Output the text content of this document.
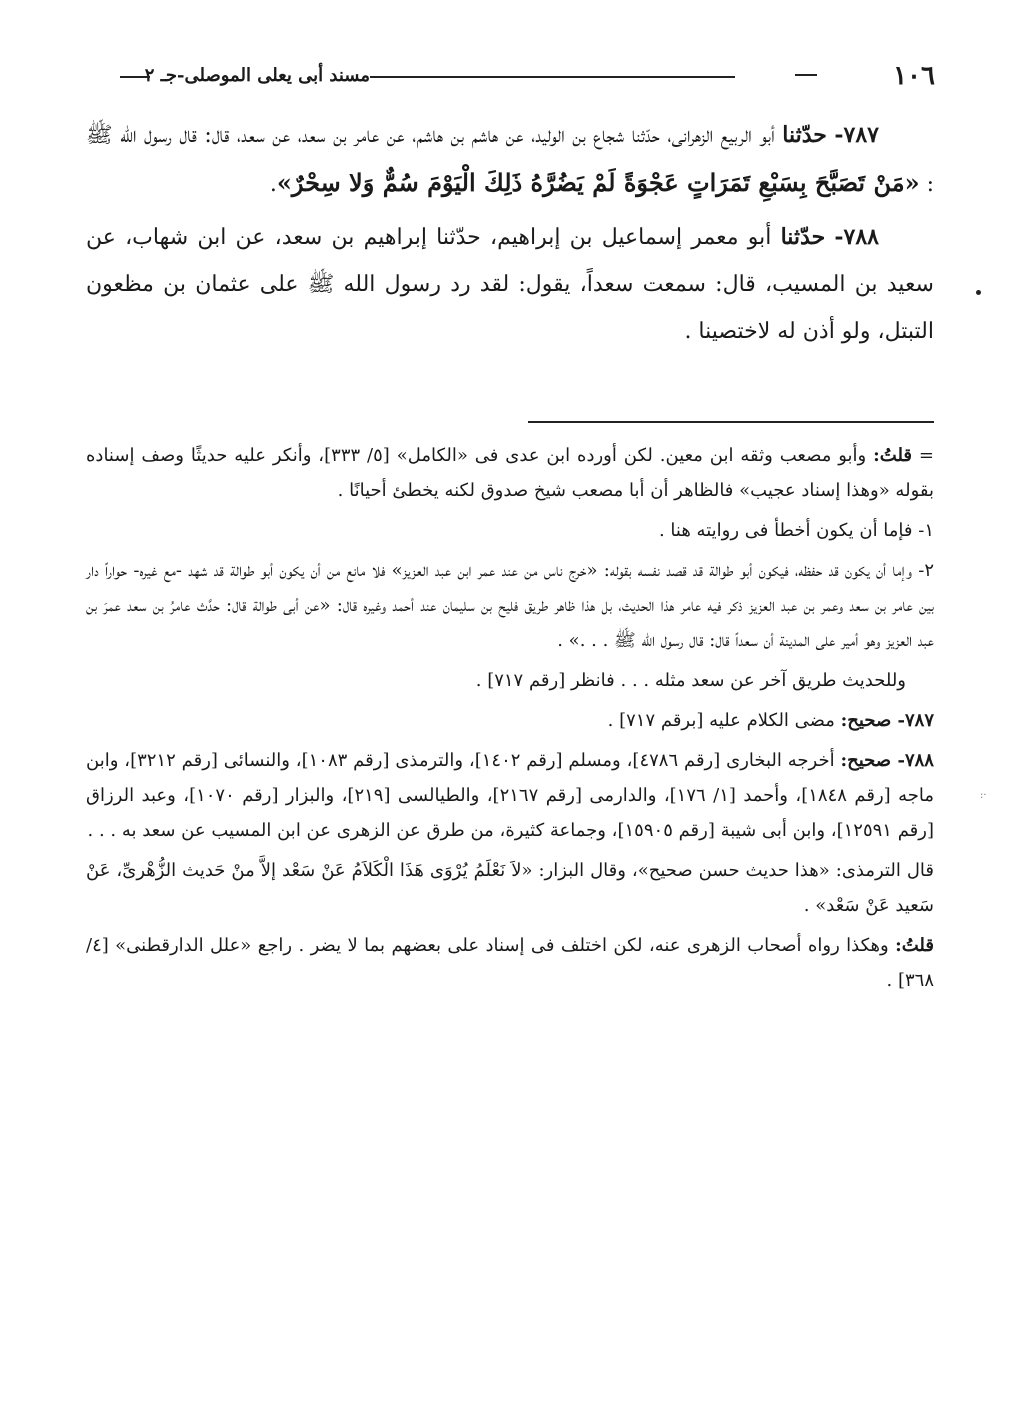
١٠٦
مسند أبى يعلى الموصلى-جـ ٢

٧٨٧- حدّثنا أبو الربيع الزهرانى، حدّثنا شجاع بن الوليد، عن هاشم بن هاشم، عن عامر بن سعد، عن سعد، قال: قال رسول الله ﷺ : «مَنْ تَصَبَّحَ بِسَبْعِ تَمَرَاتٍ عَجْوَةً لَمْ يَضُرَّهُ ذَلِكَ الْيَوْمَ سُمٌّ وَلا سِحْرٌ».

٧٨٨- حدّثنا أبو معمر إسماعيل بن إبراهيم، حدّثنا إبراهيم بن سعد، عن ابن شهاب، عن سعيد بن المسيب، قال: سمعت سعداً، يقول: لقد رد رسول الله ﷺ على عثمان بن مظعون التبتل، ولو أذن له لاختصينا .

= قلتُ: وأبو مصعب وثقه ابن معين. لكن أورده ابن عدى فى «الكامل» [٥/ ٣٣٣]، وأنكر عليه حديثًا وصف إسناده بقوله «وهذا إسناد عجيب» فالظاهر أن أبا مصعب شيخ صدوق لكنه يخطئ أحيانًا .

١- فإما أن يكون أخطأ فى روايته هنا .

٢- وإما أن يكون قد حفظه، فيكون أبو طوالة قد قصد نفسه بقوله: «خرج ناس من عند عمر ابن عبد العزيز» فلا مانع من أن يكون أبو طوالة قد شهد -مع غيره- حواراً دار بين عامر بن سعد وعمر بن عبد العزيز ذكر فيه عامر هذا الحديث، بل هذا ظاهر طريق فليح بن سليمان عند أحمد وغيره قال: «عن أبى طوالة قال: حدَّث عامرُ بن سعد عمرَ بن عبد العزيز وهو أمير على المدينة أن سعداً قال: قال رسول الله ﷺ . . .» .

وللحديث طريق آخر عن سعد مثله . . . فانظر [رقم ٧١٧] .

٧٨٧- صحيح: مضى الكلام عليه [برقم ٧١٧] .

٧٨٨- صحيح: أخرجه البخارى [رقم ٤٧٨٦]، ومسلم [رقم ١٤٠٢]، والترمذى [رقم ١٠٨٣]، والنسائى [رقم ٣٢١٢]، وابن ماجه [رقم ١٨٤٨]، وأحمد [١/ ١٧٦]، والدارمى [رقم ٢١٦٧]، والطيالسى [٢١٩]، والبزار [رقم ١٠٧٠]، وعبد الرزاق [رقم ١٢٥٩١]، وابن أبى شيبة [رقم ١٥٩٠٥]، وجماعة كثيرة، من طرق عن الزهرى عن ابن المسيب عن سعد به . . .

قال الترمذى: «هذا حديث حسن صحيح»، وقال البزار: «لاَ نَعْلَمُ يُرْوَى هَذَا الْكَلاَمُ عَنْ سَعْد إلاَّ منْ حَديث الزُّهْرىِّ، عَنْ سَعيد عَنْ سَعْد» .

قلتُ: وهكذا رواه أصحاب الزهرى عنه، لكن اختلف فى إسناد على بعضهم بما لا يضر . راجع «علل الدارقطنى» [٤/ ٣٦٨] .

·:
